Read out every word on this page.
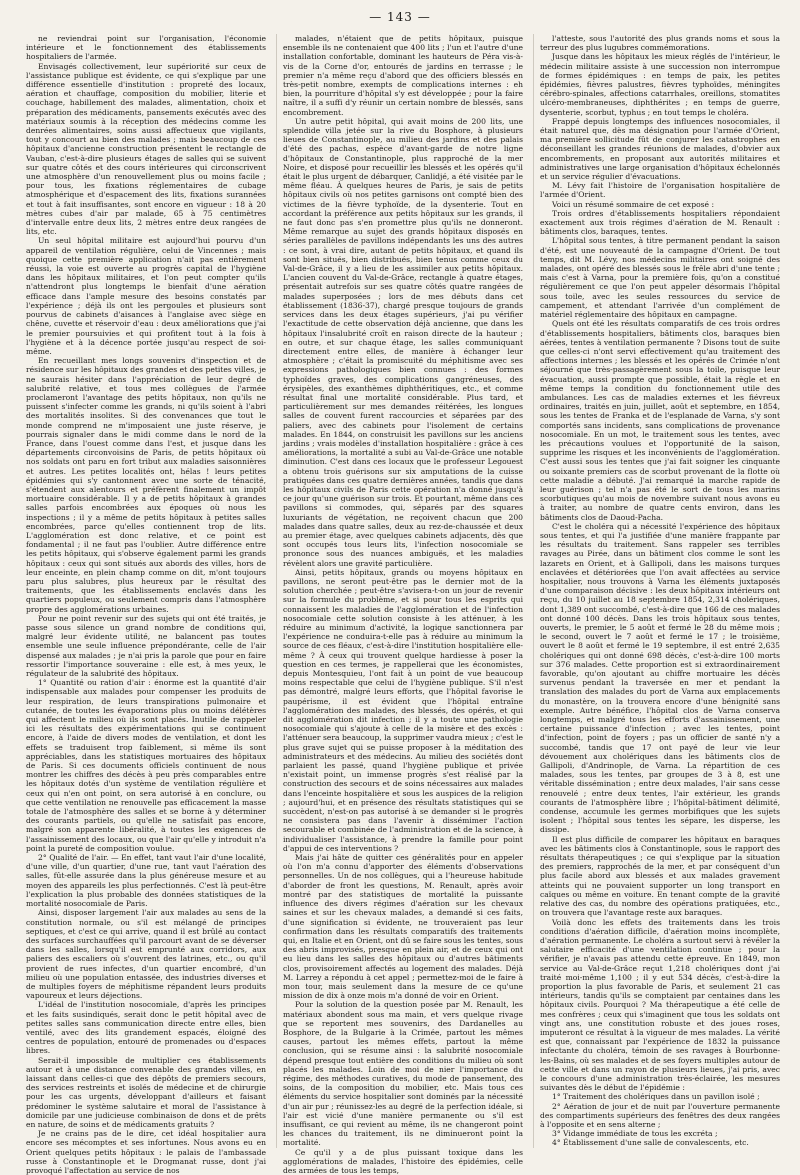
— 143 —

ne reviendrai point sur l'organisation, l'économie intérieure et le fonctionnement des établissements hospitaliers de l'armée.

Envisagés collectivement, leur supériorité sur ceux de l'assistance publique est évidente, ce qui s'explique par une différence essentielle d'institution : propreté des locaux, aération et chauffage, composition du mobilier, literie et couchage, habillement des malades, alimentation, choix et préparation des médicaments, pansements exécutés avec des matériaux soumis à la réception des médecins comme les denrées alimentaires, soins aussi affectueux que vigilants, tout y concourt au bien des malades ; mais beaucoup de ces hôpitaux d'ancienne construction présentent le rectangle de Vauban, c'est-à-dire plusieurs étages de salles qui se suivent sur quatre côtés et des cours intérieures qui circonscrivent une atmosphère d'un renouvellement plus ou moins facile ; pour tous, les fixations réglementaires de cubage atmosphérique et d'espacement des lits, fixations surannées et tout à fait insuffisantes, sont encore en vigueur : 18 à 20 mètres cubes d'air par malade, 65 à 75 centimètres d'intervalle entre deux lits, 2 mètres entre deux rangées de lits, etc.

Un seul hôpital militaire est aujourd'hui pourvu d'un appareil de ventilation régulière, celui de Vincennes ; mais quoique cette première application n'ait pas entièrement réussi, la voie est ouverte au progrès capital de l'hygiène dans les hôpitaux militaires, et l'on peut compter qu'ils n'attendront plus longtemps le bienfait d'une aération efficace dans l'ample mesure des besoins constatés par l'expérience ; déjà ils ont les pergoules et plusieurs sont pourvus de cabinets d'aisances à l'anglaise avec siège en chêne, cuvette et réservoir d'eau : deux améliorations que j'ai le premier poursuivies et qui profitent tout à la fois à l'hygiène et à la décence portée jusqu'au respect de soi-même.

En recueillant mes longs souvenirs d'inspection et de résidence sur les hôpitaux des grandes et des petites villes, je ne saurais hésiter dans l'appréciation de leur degré de salubrité relative, et tous mes collègues de l'armée proclameront l'avantage des petits hôpitaux, non qu'ils ne puissent s'infecter comme les grands, ni qu'ils soient à l'abri des mortalités insolites. Si des convenances que tout le monde comprend ne m'imposaient une juste réserve, je pourrais signaler dans le midi comme dans le nord de la France, dans l'ouest comme dans l'est, et jusque dans les départements circonvoisins de Paris, de petits hôpitaux où nos soldats ont paru en fort tribut aux maladies saisonnières et autres. Les petites localités ont, hélas ! leurs petites épidémies qui s'y cantonnent avec une sorte de ténacité, s'étendent aux alentours et préfèrent finalement un impôt mortuaire considérable. Il y a de petits hôpitaux à grandes salles parfois encombrées aux époques où nous les inspections ; il y a même de petits hôpitaux à petites salles encombrées, parce qu'elles contiennent trop de lits. L'agglomération est donc relative, et ce point est fondamental ; il ne faut pas l'oublier. Autre différence entre les petits hôpitaux, qui s'observe également parmi les grands hôpitaux : ceux qui sont situés aux abords des villes, hors de leur enceinte, en plein champ comme on dit, m'ont toujours paru plus salubres, plus heureux par le résultat des traitements, que les établissements enclavés dans les quartiers populeux, ou seulement compris dans l'atmosphère propre des agglomérations urbaines.

Pour ne point revenir sur des sujets qui ont été traités, je passe sous silence un grand nombre de conditions qui, malgré leur évidente utilité, ne balancent pas toutes ensemble une seule influence prépondérante, celle de l'air dispensé aux malades ; je n'ai pris la parole que pour en faire ressortir l'importance souveraine : elle est, à mes yeux, le régulateur de la salubrité des hôpitaux.

1° Quantité ou ration d'air : énorme est la quantité d'air indispensable aux malades pour compenser les produits de leur respiration, de leurs transpirations pulmonaire et cutanée, de toutes les évaporations plus ou moins délétères qui affectent le milieu où ils sont placés. Inutile de rappeler ici les résultats des expérimentations qui se continuent encore, à l'aide de divers modes de ventilation, et dont les effets se traduisent trop faiblement, si même ils sont appréciables, dans les statistiques mortuaires des hôpitaux de Paris. Si ces documents officiels continuent de nous montrer les chiffres des décès à peu près comparables entre les hôpitaux dotés d'un système de ventilation régulière et ceux qui n'en ont point, on sera autorisé à en conclure, ou que cette ventilation ne renouvelle pas efficacement la masse totale de l'atmosphère des salles et se borne à y déterminer des courants partiels, ou qu'elle ne satisfait pas encore, malgré son apparente libéralité, à toutes les exigences de l'assainissement des locaux, ou que l'air qu'elle y introduit n'a point la pureté de composition voulue.

2° Qualité de l'air. — En effet, tant vaut l'air d'une localité, d'une ville, d'un quartier, d'une rue, tant vaut l'aération des salles, fût-elle assurée dans la plus généreuse mesure et au moyen des appareils les plus perfectionnés. C'est là peut-être l'explication la plus probable des données statistiques de la mortalité nosocomiale de Paris.

Ainsi, disposer largement l'air aux malades au sens de la constitution normale, ou s'il est mélangé de principes septiques, et c'est ce qui arrive, quand il est brûlé au contact des surfaces surchauffées qu'il parcourt avant de se déverser dans les salles, lorsqu'il est emprunté aux corridors, aux paliers des escaliers où s'ouvrent des latrines, etc., ou qu'il provient de rues infectes, d'un quartier encombré, d'un milieu où une population entassée, des industries diverses et de multiples foyers de méphitisme répandent leurs produits vapoureux et leurs déjections.

L'idéal de l'institution nosocomiale, d'après les principes et les faits susindiqués, serait donc le petit hôpital avec de petites salles sans communication directe entre elles, bien ventilé, avec des lits grandement espacés, éloigné des centres de population, entouré de promenades ou d'espaces libres.

Serait-il impossible de multiplier ces établissements autour et à une distance convenable des grandes villes, en laissant dans celles-ci que des dépôts de premiers secours, des services restreints et isolés de médecine et de chirurgie pour les cas urgents, développant d'ailleurs et faisant prédominer le système salutaire et moral de l'assistance à domicile par une judicieuse combinaison de dons et de prêts en nature, de soins et de médicaments gratuits ?

Je ne crains pas de le dire, cet idéal hospitalier aura encore ses mécomptes et ses infortunes. Nous avons eu en Orient quelques petits hôpitaux : le palais de l'ambassade russe à Constantinople et le Drogmanat russe, dont j'ai provoqué l'affectation au service de nos

malades, n'étaient que de petits hôpitaux, puisque ensemble ils ne contenaient que 400 lits ; l'un et l'autre d'une installation confortable, dominant les hauteurs de Péra vis-à-vis de la Corne d'or, entourés de jardins en terrasse ; le premier n'a même reçu d'abord que des officiers blessés en très-petit nombre, exempts de complications internes : eh bien, la pourriture d'hôpital s'y est développée ; pour la faire naître, il a suffi d'y réunir un certain nombre de blessés, sans encombrement.

Un autre petit hôpital, qui avait moins de 200 lits, une splendide villa jetée sur la rive du Bosphore, à plusieurs lieues de Constantinople, au milieu des jardins et des palais d'été des pachas, espèce d'avant-garde de notre ligne d'hôpitaux de Constantinople, plus rapproché de la mer Noire, et disposé pour recueillir les blessés et les opérés qu'il était le plus urgent de débarquer, Canlidjé, a été visitée par le même fléau. À quelques heures de Paris, je sais de petits hôpitaux civils où nos petites garnisons ont compté bien des victimes de la fièvre typhoïde, de la dysenterie. Tout en accordant la préférence aux petits hôpitaux sur les grands, il ne faut donc pas s'en promettre plus qu'ils ne donneront. Même remarque au sujet des grands hôpitaux disposés en séries parallèles de pavillons indépendants les uns des autres : ce sont, à vrai dire, autant de petits hôpitaux, et quand ils sont bien situés, bien distribués, bien tenus comme ceux du Val-de-Grâce, il y a lieu de les assimiler aux petits hôpitaux. L'ancien couvent du Val-de-Grâce, rectangle à quatre étages, présentait autrefois sur ses quatre côtés quatre rangées de malades superposées ; lors de mes débuts dans cet établissement (1836-37), chargé presque toujours de grands services dans les deux étages supérieurs, j'ai pu vérifier l'exactitude de cette observation déjà ancienne, que dans les hôpitaux l'insalubrité croît en raison directe de la hauteur ; en outre, et sur chaque étage, les salles communiquant directement entre elles, de manière à échanger leur atmosphère ; c'était la promiscuité du méphitisme avec ses expressions pathologiques bien connues : des formes typhoïdes graves, des complications gangréneuses, des érysipèles, des exanthèmes diphthéritiques, etc., et comme résultat final une mortalité considérable. Plus tard, et particulièrement sur mes demandes réitérées, les longues salles de couvent furent raccourcies et séparées par des paliers, avec des cabinets pour l'isolement de certains malades. En 1844, on construisit les pavillons sur les anciens jardins ; vrais modèles d'installation hospitalière : grâce à ces améliorations, la mortalité a subi au Val-de-Grâce une notable diminution. C'est dans ces locaux que le professeur Legouest a obtenu trois guérisons sur six amputations de la cuisse pratiquées dans ces quatre dernières années, tandis que dans les hôpitaux civils de Paris cette opération n'a donné jusqu'à ce jour qu'une guérison sur trois. Et pourtant, même dans ces pavillons si commodes, qui, séparés par des squares luxuriants de végétation, ne reçoivent chacun que 200 malades dans quatre salles, deux au rez-de-chaussée et deux au premier étage, avec quelques cabinets adjacents, dès que sont occupés tous leurs lits, l'infection nosocomiale se prononce sous des nuances ambiguës, et les maladies révèlent alors une gravité particulière.

Ainsi, petits hôpitaux, grands ou moyens hôpitaux en pavillons, ne seront peut-être pas le dernier mot de la solution cherchée ; peut-être s'avisera-t-on un jour de revenir sur la formule du problème, et si pour tous les esprits qui connaissent les maladies de l'agglomération et de l'infection nosocomiale cette solution consiste à les atténuer, à les réduire au minimum d'activité, la logique sanctionnera par l'expérience ne conduira-t-elle pas à réduire au minimum la source de ces fléaux, c'est-à-dire l'institution hospitalière elle-même ? À ceux qui trouvent quelque hardiesse à poser la question en ces termes, je rappellerai que les économistes, depuis Montesquieu, l'ont fait à un point de vue beaucoup moins respectable que celui de l'hygiène publique. S'il n'est pas démontré, malgré leurs efforts, que l'hôpital favorise le paupérisme, il est évident que l'hôpital entraîne l'agglomération des malades, des blessés, des opérés, et qui dit agglomération dit infection ; il y a toute une pathologie nosocomiale qui s'ajoute à celle de la misère et des excès : l'atténuer sera beaucoup, la supprimer vaudra mieux ; c'est le plus grave sujet qui se puisse proposer à la méditation des administrateurs et des médecins. Au milieu des sociétés dont parlaient les passé, quand l'hygiène publique et privée n'existait point, un immense progrès s'est réalisé par la construction des secours et de soins nécessaires aux malades dans l'enceinte hospitalière et sous les auspices de la religion ; aujourd'hui, et en présence des résultats statistiques qui se succèdent, n'est-on pas autorisé à se demander si le progrès ne consistera pas dans l'avenir à dissémimer l'action secourable et combinée de l'administration et de la science, à individualiser l'assistance, à prendre la famille pour point d'appui de ces interventions ?

Mais j'ai hâte de quitter ces généralités pour en appeler où l'on m'a connu d'apporter des éléments d'observations personnelles. Un de nos collègues, qui a l'heureuse habitude d'aborder de front les questions, M. Renault, après avoir montré par des statistiques de mortalité la puissante influence des divers régimes d'aération sur les chevaux saines et sur les chevaux malades, a demandé si ces faits, d'une signification si évidente, ne trouveraient pas leur confirmation dans les résultats comparatifs des traitements qui, en Italie et en Orient, ont dû se faire sous les tentes, sous des abris improvisés, presque en plein air, et de ceux qui ont eu lieu dans les salles des hôpitaux ou d'autres bâtiments clos, provisoirement affectés au logement des malades. Déjà M. Larrey a répondu à cet appel ; permettez-moi de le faire à mon tour, mais seulement dans la mesure de ce qu'une mission de dix à onze mois m'a donné de voir en Orient.

Pour la solution de la question posée par M. Renault, les matériaux abondent sous ma main, et vers quelque rivage que se reportent mes souvenirs, des Dardanelles au Bosphore, de la Bulgarie à la Crimée, partout les mêmes causes, partout les mêmes effets, partout la même conclusion, qui se résume ainsi : la salubrité nosocomiale dépend presque tout entière des conditions du milieu où sont placés les malades. Loin de moi de nier l'importance du régime, des méthodes curatives, du mode de pansement, des soins, de la composition du mobilier, etc. Mais tous ces éléments du service hospitalier sont dominés par la nécessité d'un air pur ; réunissez-les au degré de la perfection idéale, si l'air est vicié d'une manière permanente ou s'il est insuffisant, ce qui revient au même, ils ne changeront point les chances du traitement, ils ne diminueront point la mortalité.

Ce qu'il y a de plus puissant toxique dans les agglomérations de malades, l'histoire des épidémies, celle des armées de tous les temps,

l'atteste, sous l'autorité des plus grands noms et sous la terreur des plus lugubres commémorations.

Jusque dans les hôpitaux les mieux réglés de l'intérieur, le médecin militaire assiste à une succession non interrompue de formes épidémiques : en temps de paix, les petites épidémies, fièvres palustres, fièvres typhoïdes, méningites cérébro-spinales, affections catarrhales, oreillons, stomatites ulcéro-membraneuses, diphthérites ; en temps de guerre, dysenterie, scorbut, typhus ; en tout temps le choléra.

Frappé depuis longtemps des influences nosocomiales, il était naturel que, dès ma désignation pour l'armée d'Orient, ma première sollicitude fût de conjurer les catastrophes en déconseillant les grandes réunions de malades, d'obvier aux encombrements, en proposant aux autorités militaires et administratives une large organisation d'hôpitaux échelonnés et un service régulier d'évacuations.

M. Lévy fait l'histoire de l'organisation hospitalière de l'armée d'Orient.

Voici un résumé sommaire de cet exposé :

Trois ordres d'établissements hospitaliers répondaient exactement aux trois régimes d'aération de M. Renault : bâtiments clos, baraques, tentes.

L'hôpital sous tentes, à titre permanent pendant la saison d'été, est une nouveauté de la campagne d'Orient. De tout temps, dit M. Lévy, nos médecins militaires ont soigné des malades, ont opéré des blessés sous le frêle abri d'une tente ; mais c'est à Varna, pour la première fois, qu'on a constitué régulièrement ce que l'on peut appeler désormais l'hôpital sous toile, avec les seules ressources du service de campement, et attendant l'arrivée d'un complément de matériel réglementaire des hôpitaux en campagne.

Quels ont été les résultats comparatifs de ces trois ordres d'établissements hospitaliers, bâtiments clos, baraques bien aérées, tentes à ventilation permanente ? Disons tout de suite que celles-ci n'ont servi effectivement qu'au traitement des affections internes ; les blessés et les opérés de Crimée n'ont séjourné que très-passagèrement sous la toile, puisque leur évacuation, aussi prompte que possible, était la règle et en même temps la condition du fonctionnement utile des ambulances. Les cas de maladies externes et les fiévreux ordinaires, traités en juin, juillet, août et septembre, en 1854, sous les tentes de Franka et de l'esplanade de Varna, s'y sont comportés sans incidents, sans complications de provenance nosocomiale. En un mot, le traitement sous les tentes, avec les précautions voulues et l'opportunité de la saison, supprime les risques et les inconvénients de l'agglomération. C'est aussi sous les tentes que j'ai fait soigner les cinquante ou soixante premiers cas de scorbut provenant de la flotte où cette maladie a débuté. J'ai remarqué la marche rapide de leur guérison ; tel n'a pas été le sort de tous les marins scorbutiques qu'au mois de novembre suivant nous avons eu à traiter, au nombre de quatre cents environ, dans les bâtiments clos de Daoud-Pacha.

C'est le choléra qui a nécessité l'expérience des hôpitaux sous tentes, et qui l'a justifiée d'une manière frappante par les résultats du traitement. Sans rappeler ses terribles ravages au Pirée, dans un bâtiment clos comme le sont les lazarets en Orient, et à Gallipoli, dans les maisons turques enclavées et détériorées que l'on avait affectées au service hospitalier, nous trouvons à Varna les éléments juxtaposés d'une comparaison décisive : les deux hôpitaux intérieurs ont reçu, du 10 juillet au 18 septembre 1854, 2,314 cholériques, dont 1,389 ont succombé, c'est-à-dire que 166 de ces malades ont donné 100 décès. Dans les trois hôpitaux sous tentes, ouverts, le premier, le 5 août et fermé le 28 du même mois ; le second, ouvert le 7 août et fermé le 17 ; le troisième, ouvert le 8 août et fermé le 19 septembre, il est entré 2,635 cholériques qui ont donné 698 décès, c'est-à-dire 100 morts sur 376 malades. Cette proportion est si extraordinairement favorable, qu'on ajoutant au chiffre mortuaire les décès survenus pendant la traversée en mer et pendant la translation des malades du port de Varna aux emplacements du monastère, on la trouvera encore d'une bénignité sans exemple. Autre bénéfice, l'hôpital clos de Varna conserva longtemps, et malgré tous les efforts d'assainissement, une certaine puissance d'infection ; avec les tentes, point d'infection, point de foyers ; pas un officier de santé n'y a succombé, tandis que 17 ont payé de leur vie leur dévouement aux cholériques dans les bâtiments clos de Gallipoli, d'Andrinople, de Varna. La répartition de ces malades, sous les tentes, par groupes de 3 à 8, est une véritable dissémination ; entre deux malades, l'air sans cesse renouvelé ; entre deux tentes, l'air extérieur, les grands courants de l'atmosphère libre ; l'hôpital-bâtiment délimité, condense, accumule les germes morbifiques que les sujets isolent ; l'hôpital sous tentes les sépare, les disperse, les dissipe.

Il est plus difficile de comparer les hôpitaux en baraques avec les bâtiments clos à Constantinople, sous le rapport des résultats thérapeutiques ; ce qui s'explique par la situation des premiers, rapprochés de la mer, et par conséquent d'un plus facile abord aux blessés et aux malades gravement atteints qui ne pouvaient supporter un long transport en caïques ou même en voiture. En tenant compte de la gravité relative des cas, du nombre des opérations pratiquées, etc., on trouvera que l'avantage reste aux baraques.

Voilà donc les effets des traitements dans les trois conditions d'aération difficile, d'aération moins incomplète, d'aération permanente. Le choléra a surtout servi à révéler la salutaire efficacité d'une ventilation continue ; pour la vérifier, je n'avais pas attendu cette épreuve. En 1849, mon service au Val-de-Grâce reçut 1,218 cholériques dont j'ai traité moi-même 1,100 ; il y eut 534 décès, c'est-à-dire la proportion la plus favorable de Paris, et seulement 21 cas intérieurs, tandis qu'ils se comptaient par centaines dans les hôpitaux civils. Pourquoi ? Ma thérapeutique a été celle de mes confrères ; ceux qui s'imaginent que tous les soldats ont vingt ans, une constitution robuste et des joues roses, imputeront ce résultat à la vigueur de mes malades. La vérité est que, connaissant par l'expérience de 1832 la puissance infectante du choléra, témoin de ses ravages à Bourbonne-les-Bains, où ses malades et de ses foyers multiples autour de cette ville et dans un rayon de plusieurs lieues, j'ai pris, avec le concours d'une administration très-éclairée, les mesures suivantes dès le début de l'épidémie :

1° Traitement des cholériques dans un pavillon isolé ;

2° Aération de jour et de nuit par l'ouverture permanente des compartiments supérieurs des fenêtres des deux rangées à l'opposite et en sens alterne ;

3° Vidange immédiate de tous les excréta ;

4° Établissement d'une salle de convalescents, etc.
